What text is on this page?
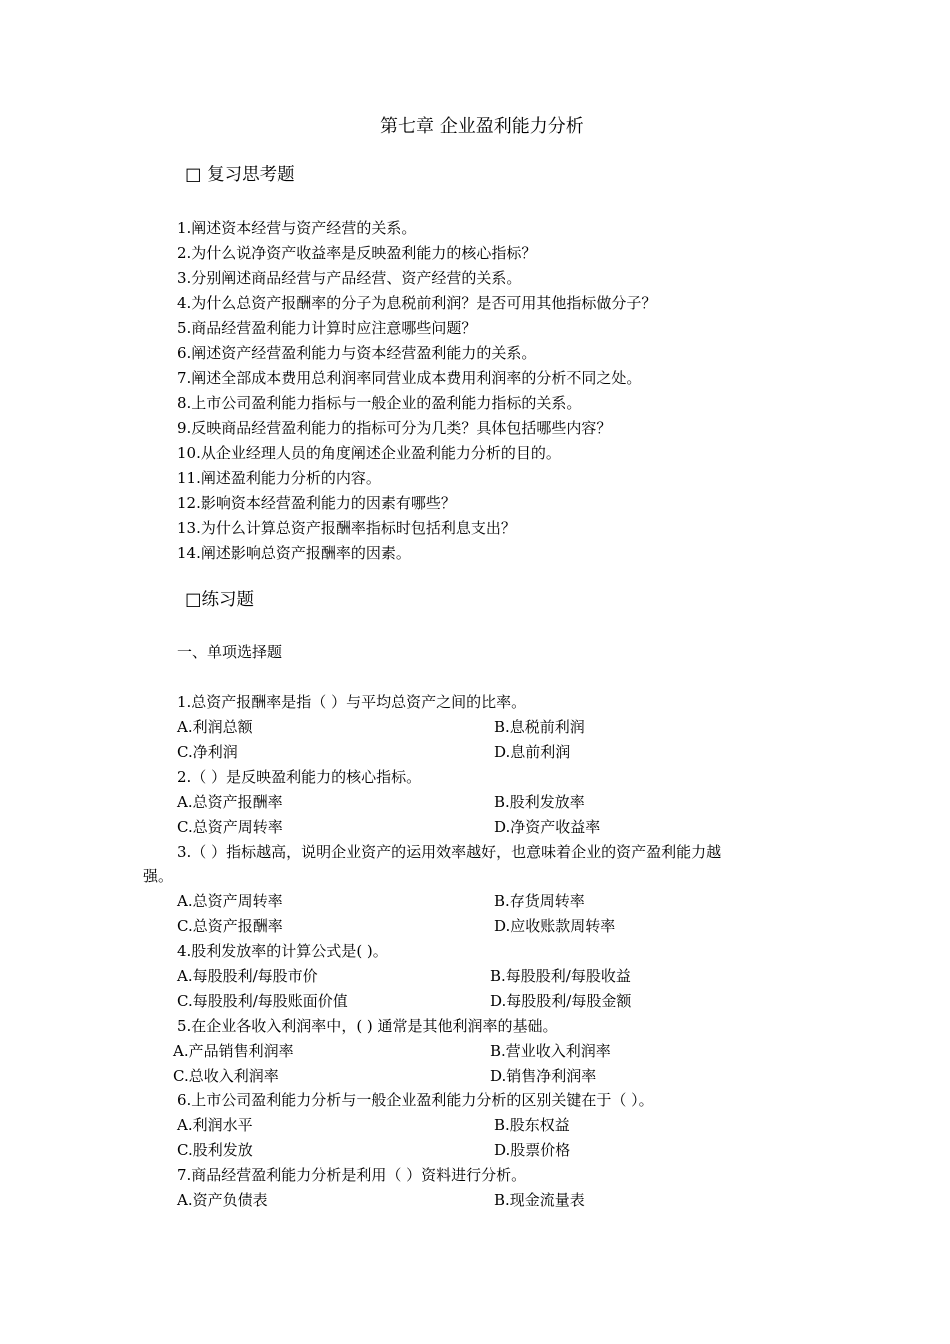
第七章 企业盈利能力分析
□ 复习思考题
1.阐述资本经营与资产经营的关系。
2.为什么说净资产收益率是反映盈利能力的核心指标？
3.分别阐述商品经营与产品经营、资产经营的关系。
4.为什么总资产报酬率的分子为息税前利润？是否可用其他指标做分子？
5.商品经营盈利能力计算时应注意哪些问题？
6.阐述资产经营盈利能力与资本经营盈利能力的关系。
7.阐述全部成本费用总利润率同营业成本费用利润率的分析不同之处。
8.上市公司盈利能力指标与一般企业的盈利能力指标的关系。
9.反映商品经营盈利能力的指标可分为几类？具体包括哪些内容？
10.从企业经理人员的角度阐述企业盈利能力分析的目的。
11.阐述盈利能力分析的内容。
12.影响资本经营盈利能力的因素有哪些？
13.为什么计算总资产报酬率指标时包括利息支出？
14.阐述影响总资产报酬率的因素。
□练习题
一、单项选择题
1.总资产报酬率是指（ ）与平均总资产之间的比率。
A.利润总额	B.息税前利润
C.净利润	D.息前利润
2.（ ）是反映盈利能力的核心指标。
A.总资产报酬率	B.股利发放率
C.总资产周转率	D.净资产收益率
3.（ ）指标越高，说明企业资产的运用效率越好，也意味着企业的资产盈利能力越
强。
A.总资产周转率	B.存货周转率
C.总资产报酬率	D.应收账款周转率
4.股利发放率的计算公式是( )。
A.每股股利/每股市价	B.每股股利/每股收益
C.每股股利/每股账面价值	D.每股股利/每股金额
5.在企业各收入利润率中，( ) 通常是其他利润率的基础。
A.产品销售利润率	B.营业收入利润率
C.总收入利润率	D.销售净利润率
6.上市公司盈利能力分析与一般企业盈利能力分析的区别关键在于（ ）。
A.利润水平	B.股东权益
C.股利发放	D.股票价格
7.商品经营盈利能力分析是利用（ ）资料进行分析。
A.资产负债表	B.现金流量表
